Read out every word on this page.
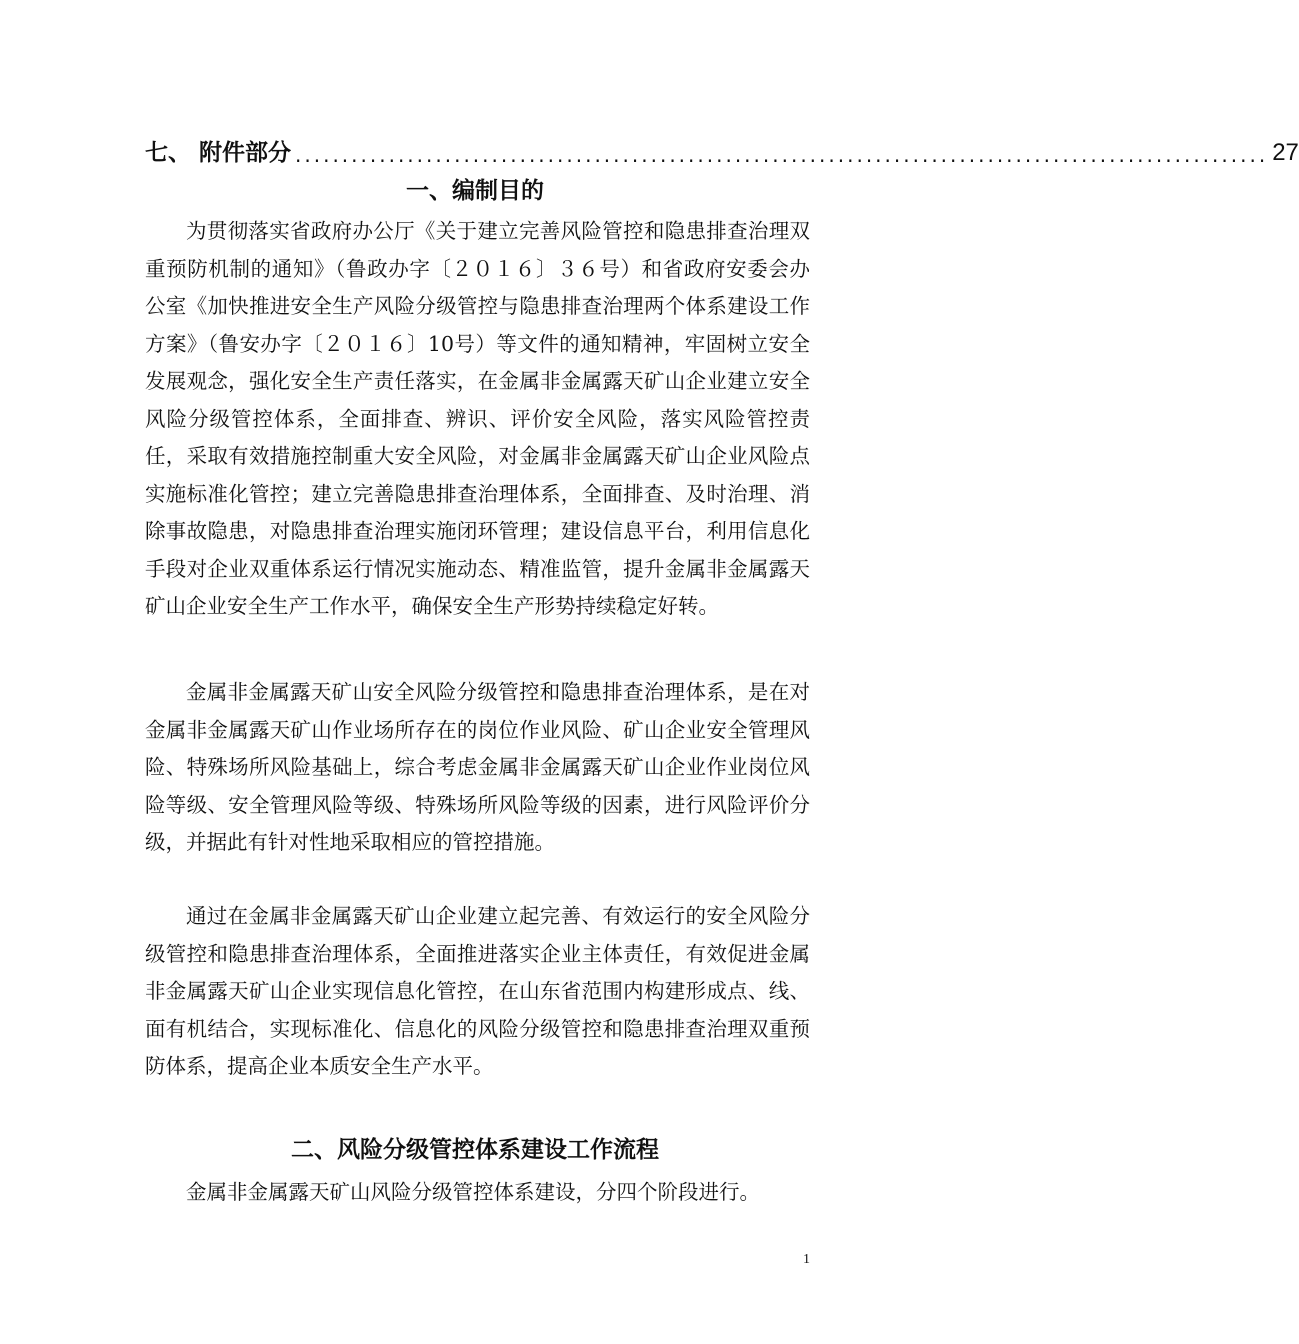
七、 附件部分 ........................................................................................................ 27
一、编制目的

为贯彻落实省政府办公厅《关于建立完善风险管控和隐患排查治理双重预防机制的通知》（鲁政办字〔２０１６〕３６号）和省政府安委会办公室《加快推进安全生产风险分级管控与隐患排查治理两个体系建设工作方案》（鲁安办字〔２０１６〕10号）等文件的通知精神，牢固树立安全发展观念，强化安全生产责任落实，在金属非金属露天矿山企业建立安全风险分级管控体系，全面排查、辨识、评价安全风险，落实风险管控责任，采取有效措施控制重大安全风险，对金属非金属露天矿山企业风险点实施标准化管控；建立完善隐患排查治理体系，全面排查、及时治理、消除事故隐患，对隐患排查治理实施闭环管理；建设信息平台，利用信息化手段对企业双重体系运行情况实施动态、精准监管，提升金属非金属露天矿山企业安全生产工作水平，确保安全生产形势持续稳定好转。

金属非金属露天矿山安全风险分级管控和隐患排查治理体系，是在对金属非金属露天矿山作业场所存在的岗位作业风险、矿山企业安全管理风险、特殊场所风险基础上，综合考虑金属非金属露天矿山企业作业岗位风险等级、安全管理风险等级、特殊场所风险等级的因素，进行风险评价分级，并据此有针对性地采取相应的管控措施。

通过在金属非金属露天矿山企业建立起完善、有效运行的安全风险分级管控和隐患排查治理体系，全面推进落实企业主体责任，有效促进金属非金属露天矿山企业实现信息化管控，在山东省范围内构建形成点、线、面有机结合，实现标准化、信息化的风险分级管控和隐患排查治理双重预防体系，提高企业本质安全生产水平。

二、风险分级管控体系建设工作流程

金属非金属露天矿山风险分级管控体系建设，分四个阶段进行。

1
